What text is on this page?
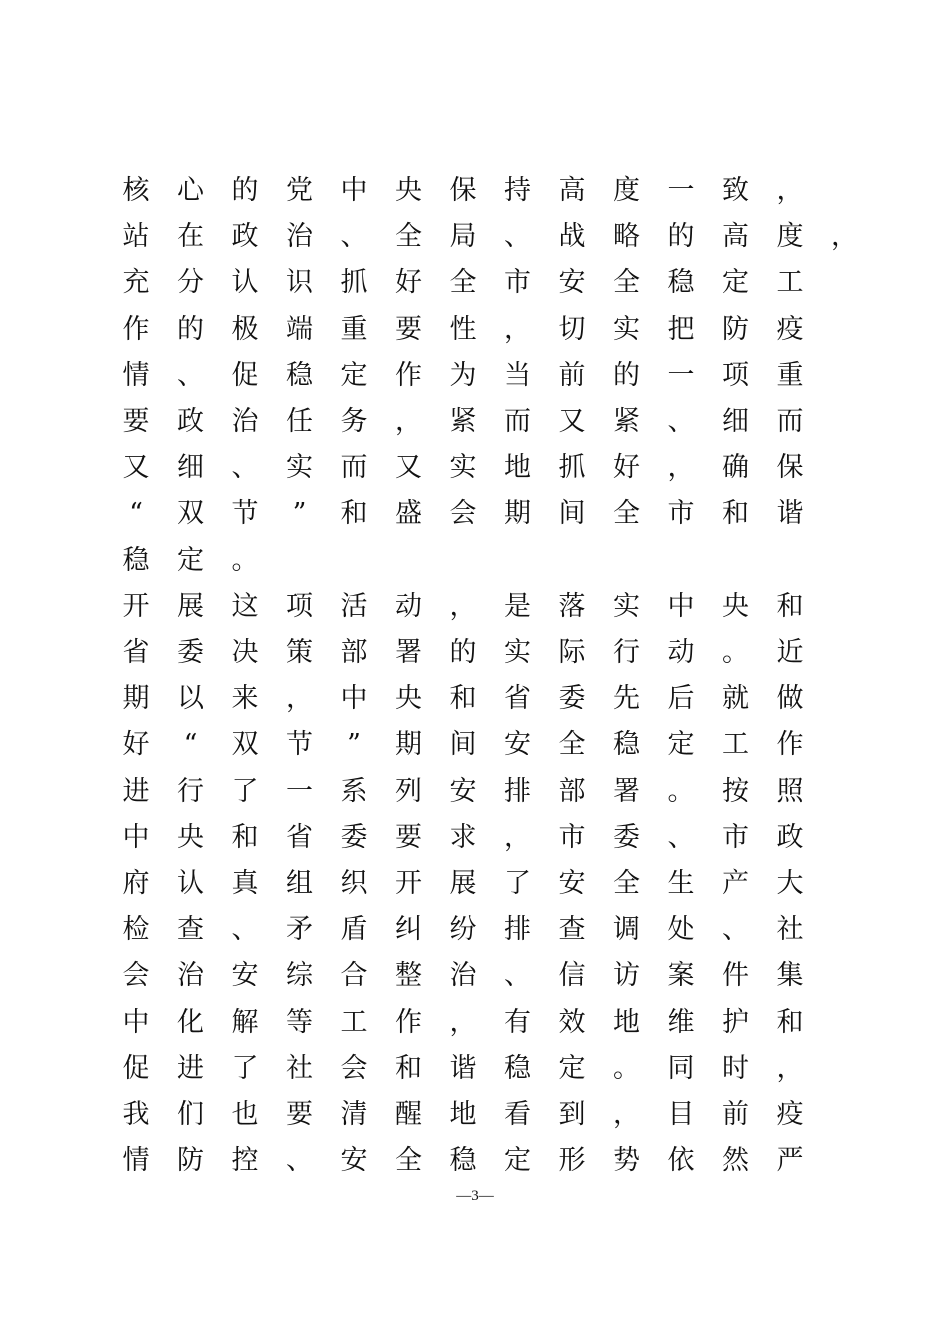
核 心 的 党 中 央 保 持 高 度 一 致 ，
站 在 政 治 、 全 局 、 战 略 的 高 度 ，
充 分 认 识 抓 好 全 市 安 全 稳 定 工
作 的 极 端 重 要 性 ， 切 实 把 防 疫
情 、 促 稳 定 作 为 当 前 的 一 项 重
要 政 治 任 务 ， 紧 而 又 紧 、 细 而
又 细 、 实 而 又 实 地 抓 好 ， 确 保
“ 双 节 ” 和 盛 会 期 间 全 市 和 谐
稳 定 。
开 展 这 项 活 动 ， 是 落 实 中 央 和
省 委 决 策 部 署 的 实 际 行 动 。 近
期 以 来 ， 中 央 和 省 委 先 后 就 做
好 “ 双 节 ” 期 间 安 全 稳 定 工 作
进 行 了 一 系 列 安 排 部 署 。 按 照
中 央 和 省 委 要 求 ， 市 委 、 市 政
府 认 真 组 织 开 展 了 安 全 生 产 大
检 查 、 矛 盾 纠 纷 排 查 调 处 、 社
会 治 安 综 合 整 治 、 信 访 案 件 集
中 化 解 等 工 作 ， 有 效 地 维 护 和
促 进 了 社 会 和 谐 稳 定 。 同 时 ，
我 们 也 要 清 醒 地 看 到 ， 目 前 疫
情 防 控 、 安 全 稳 定 形 势 依 然 严
—3—
